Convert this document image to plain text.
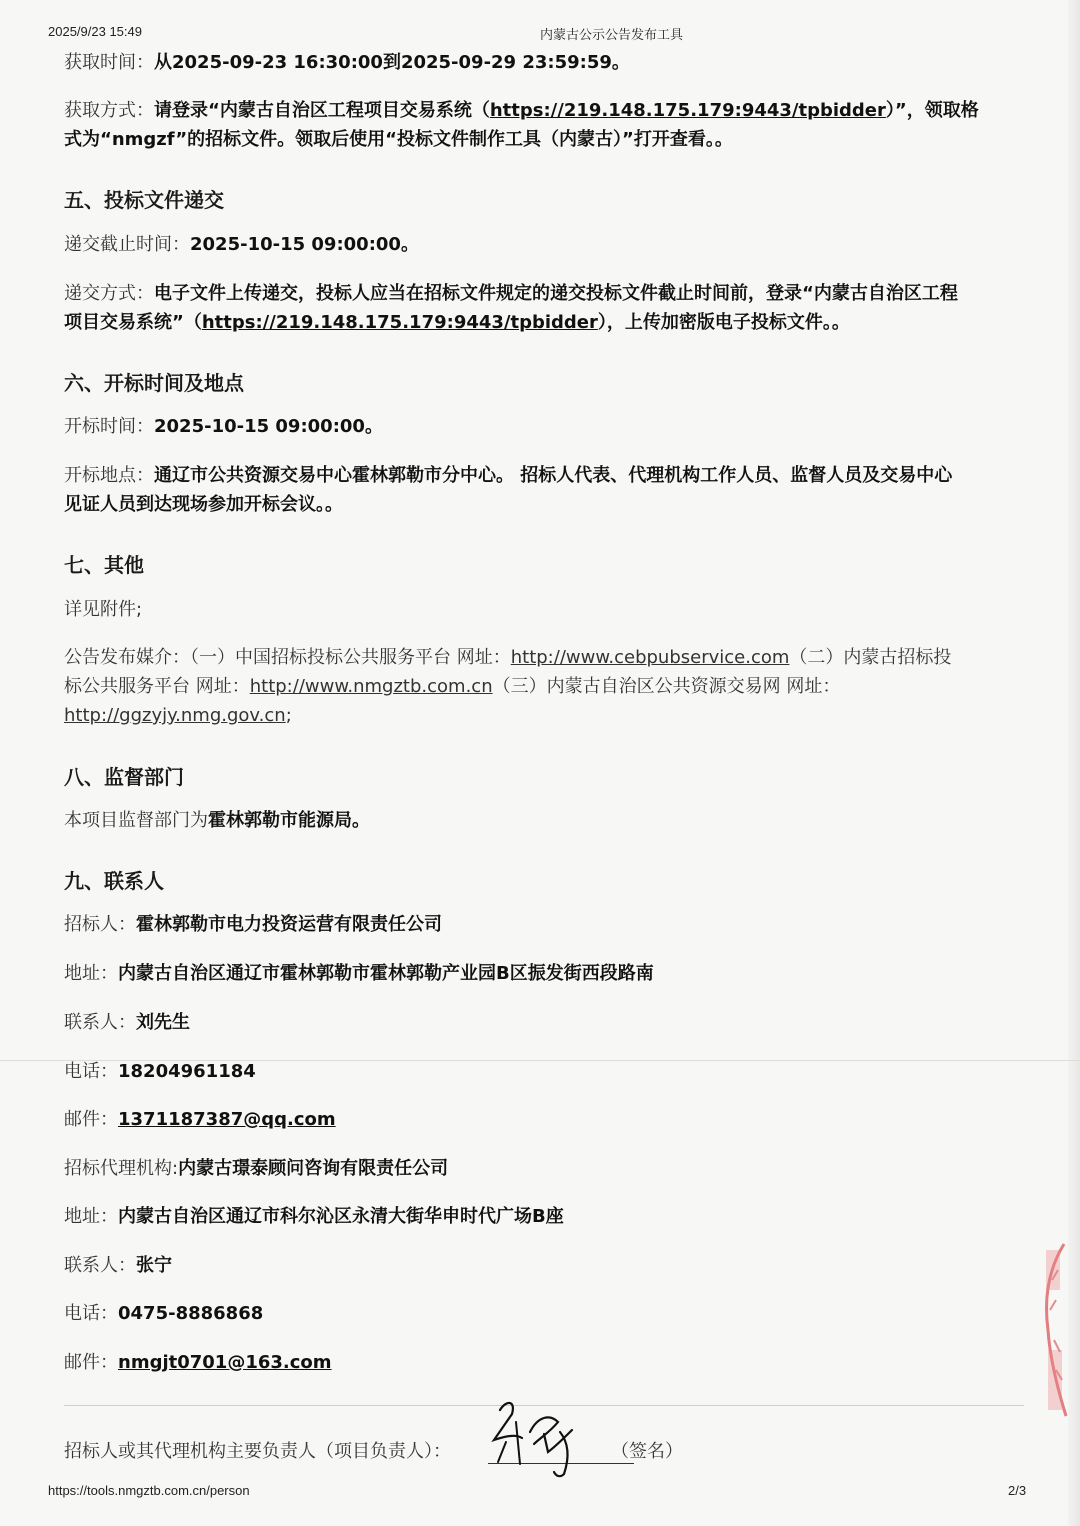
2025/9/23 15:49	内蒙古公示公告发布工具

获取时间：从2025-09-23 16:30:00到2025-09-29 23:59:59。

获取方式：请登录“内蒙古自治区工程项目交易系统（https://219.148.175.179:9443/tpbidder）”，领取格

式为“nmgzf”的招标文件。领取后使用“投标文件制作工具（内蒙古）”打开查看。。

五、投标文件递交

递交截止时间：2025-10-15 09:00:00。

递交方式：电子文件上传递交，投标人应当在招标文件规定的递交投标文件截止时间前，登录“内蒙古自治区工程

项目交易系统”（https://219.148.175.179:9443/tpbidder），上传加密版电子投标文件。。

六、开标时间及地点

开标时间：2025-10-15 09:00:00。

开标地点：通辽市公共资源交易中心霍林郭勒市分中心。 招标人代表、代理机构工作人员、监督人员及交易中心

见证人员到达现场参加开标会议。。

七、其他

详见附件;

公告发布媒介：（一）中国招标投标公共服务平台 网址：http://www.cebpubservice.com（二）内蒙古招标投

标公共服务平台 网址：http://www.nmgztb.com.cn（三）内蒙古自治区公共资源交易网 网址：

http://ggzyjy.nmg.gov.cn;

八、监督部门

本项目监督部门为霍林郭勒市能源局。

九、联系人

招标人：霍林郭勒市电力投资运营有限责任公司

地址：内蒙古自治区通辽市霍林郭勒市霍林郭勒产业园B区振发街西段路南

联系人：刘先生

电话：18204961184

邮件：1371187387@qq.com

招标代理机构:内蒙古璟泰顾问咨询有限责任公司

地址：内蒙古自治区通辽市科尔沁区永清大街华申时代广场B座

联系人：张宁

电话：0475-8886868

邮件：nmgjt0701@163.com

招标人或其代理机构主要负责人（项目负责人）：	（签名）

https://tools.nmgztb.com.cn/person	2/3
